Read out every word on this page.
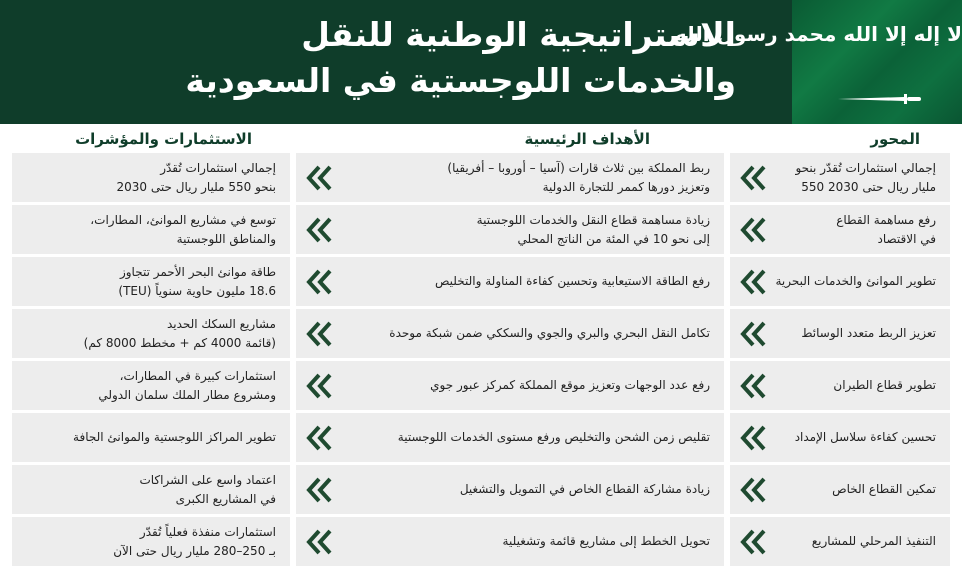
الاستراتيجية الوطنية للنقل
والخدمات اللوجستية في السعودية
لا إله إلا الله محمد رسول الله
المحور
الأهداف الرئيسية
الاستثمارات والمؤشرات
إجمالي استثمارات تُقدّر بنحو
مليار ريال حتى 2030 550
ربط المملكة بين ثلاث قارات (آسيا – أوروبا – أفريقيا)
وتعزيز دورها كممر للتجارة الدولية
إجمالي استثمارات تُقدّر
بنحو 550 مليار ريال حتى 2030
رفع مساهمة القطاع
في الاقتصاد
زيادة مساهمة قطاع النقل والخدمات اللوجستية
إلى نحو 10 في المئة من الناتج المحلي
توسع في مشاريع الموانئ، المطارات،
والمناطق اللوجستية
تطوير الموانئ والخدمات البحرية
رفع الطاقة الاستيعابية وتحسين كفاءة المناولة والتخليص
طاقة موانئ البحر الأحمر تتجاوز
18.6 مليون حاوية سنوياً (TEU)
تعزيز الربط متعدد الوسائط
تكامل النقل البحري والبري والجوي والسككي ضمن شبكة موحدة
مشاريع السكك الحديد
(قائمة 4000 كم + مخطط 8000 كم)
تطوير قطاع الطيران
رفع عدد الوجهات وتعزيز موقع المملكة كمركز عبور جوي
استثمارات كبيرة في المطارات،
ومشروع مطار الملك سلمان الدولي
تحسين كفاءة سلاسل الإمداد
تقليص زمن الشحن والتخليص ورفع مستوى الخدمات اللوجستية
تطوير المراكز اللوجستية والموانئ الجافة
تمكين القطاع الخاص
زيادة مشاركة القطاع الخاص في التمويل والتشغيل
اعتماد واسع على الشراكات
في المشاريع الكبرى
التنفيذ المرحلي للمشاريع
تحويل الخطط إلى مشاريع قائمة وتشغيلية
استثمارات منفذة فعلياً تُقدّر
بـ 250–280 مليار ريال حتى الآن
